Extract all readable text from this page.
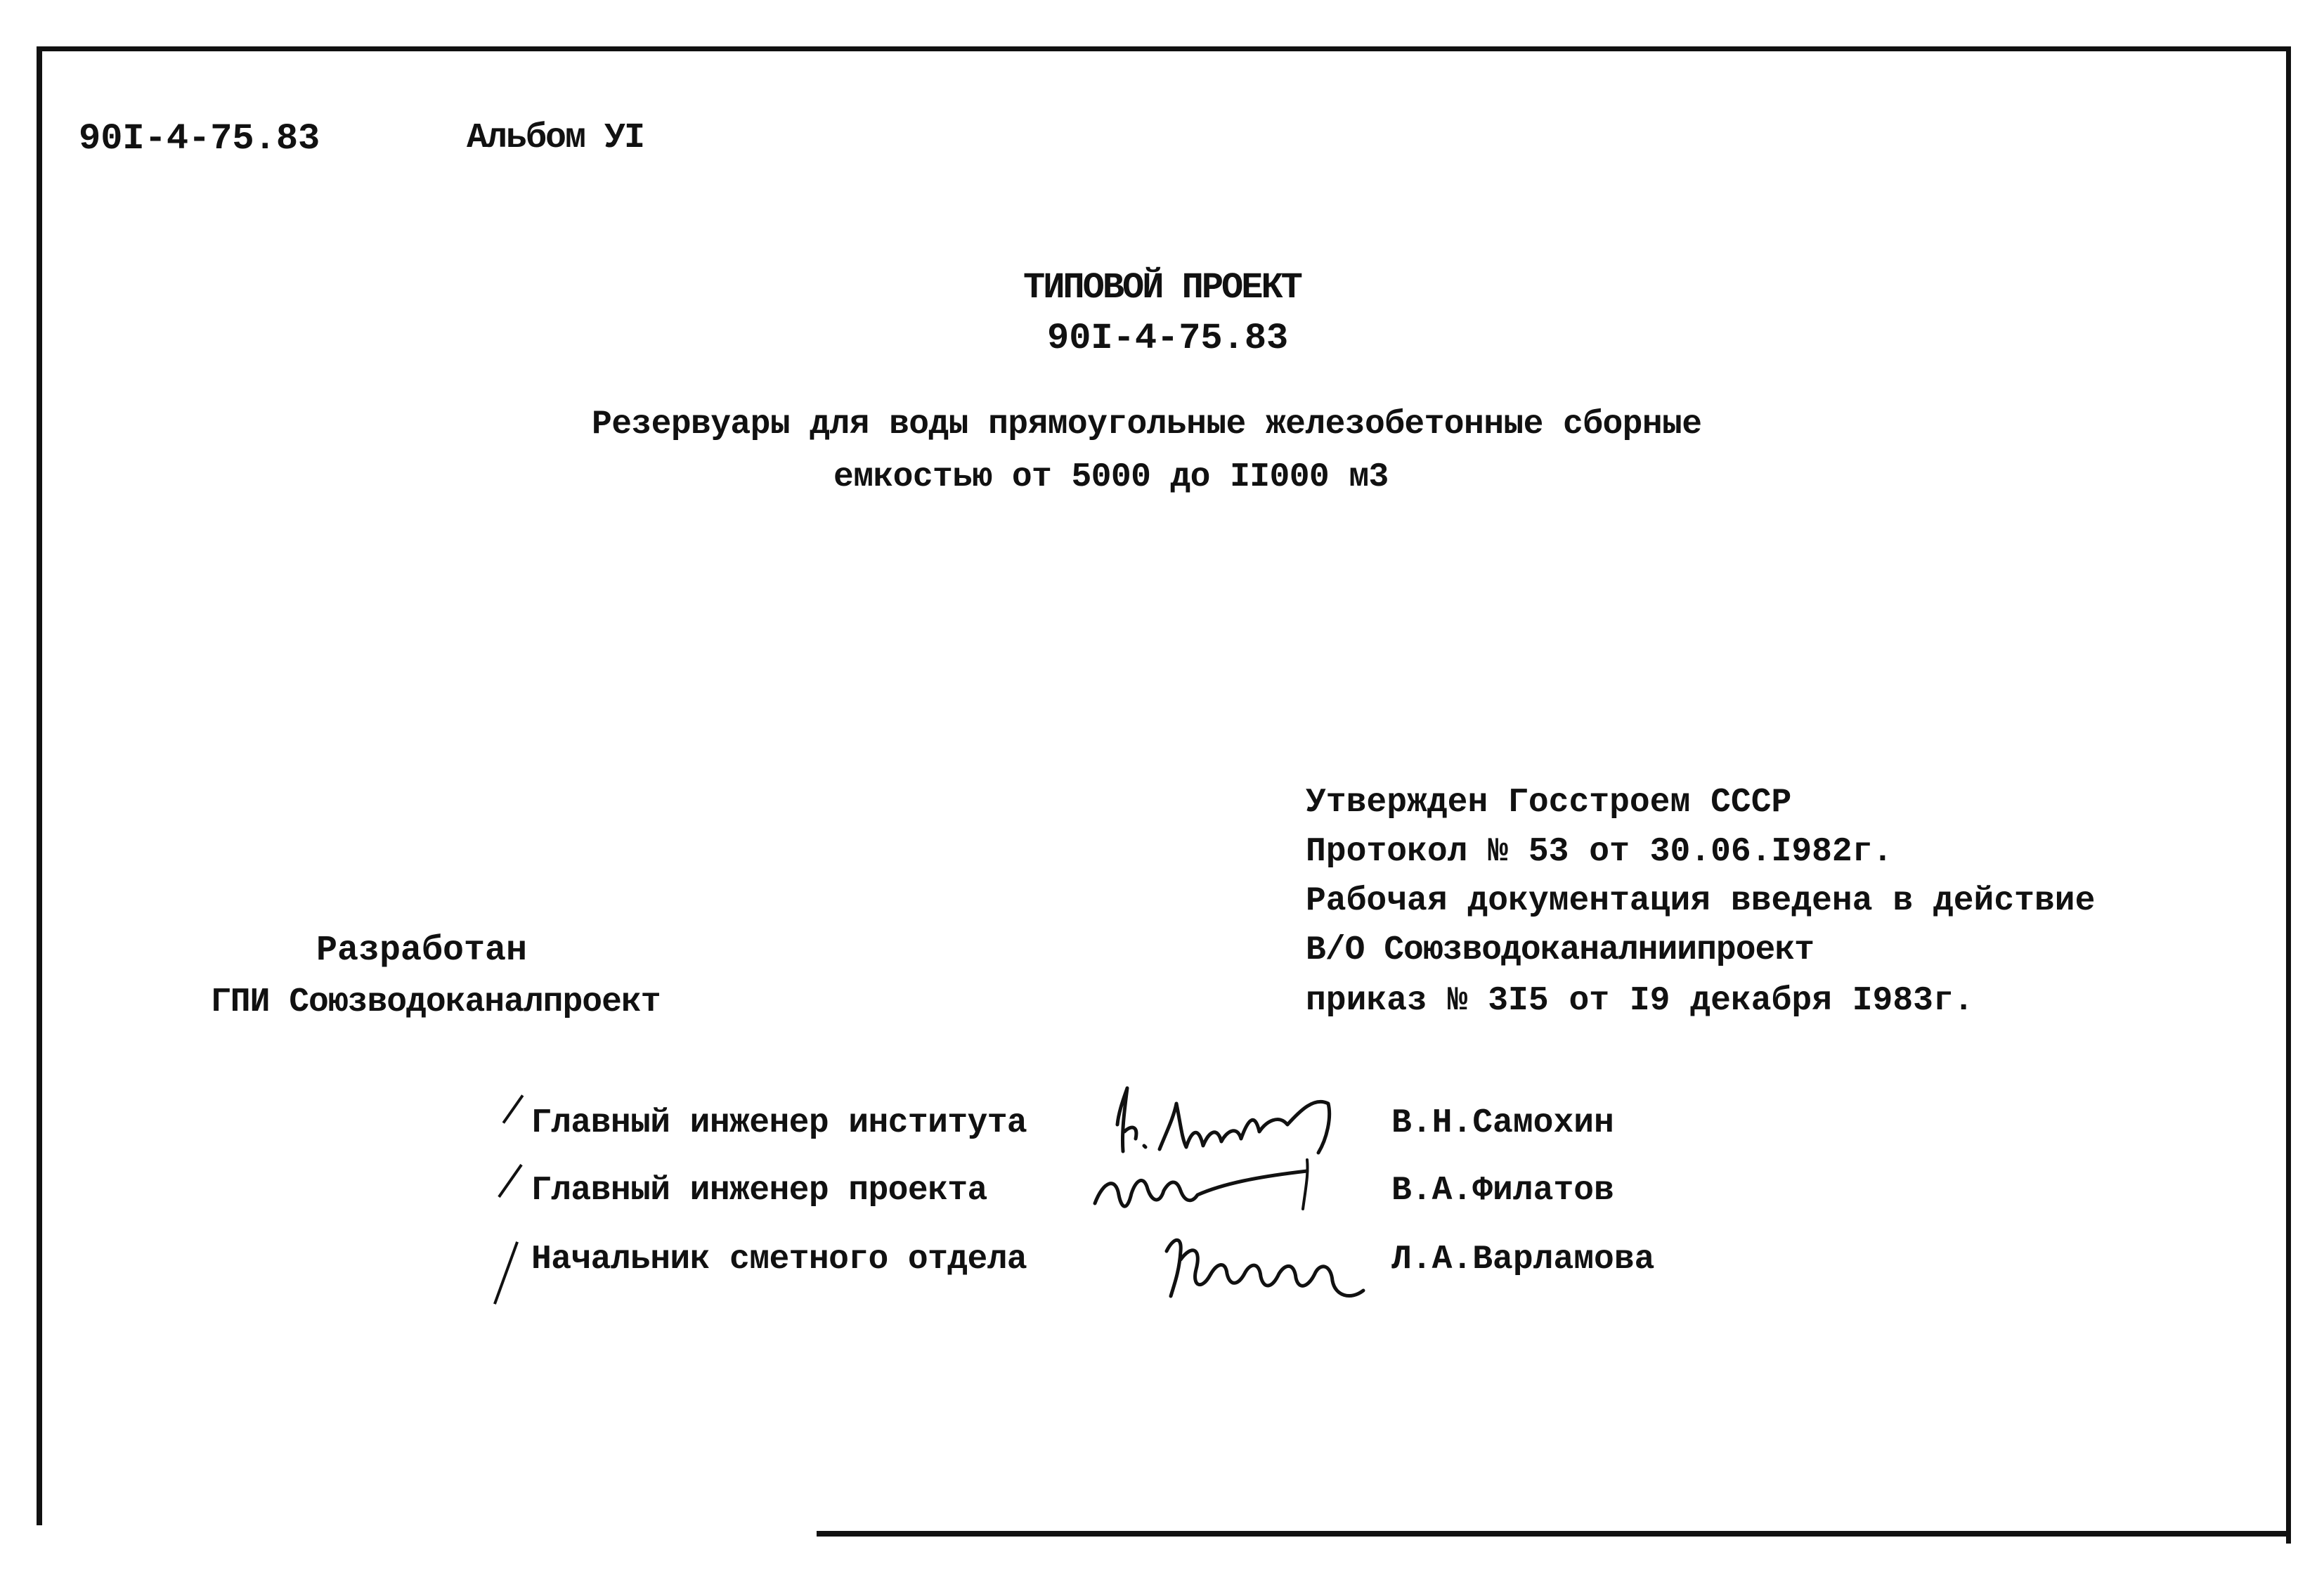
90I-4-75.83	Альбом УI
ТИПОВОЙ ПРОЕКТ
90I-4-75.83
Резервуары для воды прямоугольные железобетонные сборные
емкостью от 5000 до II000 м3
Утвержден Госстроем СССР
Протокол № 53 от 30.06.I982г.
Рабочая документация введена в действие
В/О Союзводоканалниипроект
приказ № 3I5 от I9 декабря I983г.
Разработан
ГПИ Союзводоканалпроект
Главный инженер института	В.Н.Самохин
Главный инженер проекта	В.А.Филатов
Начальник сметного отдела	Л.А.Варламова
